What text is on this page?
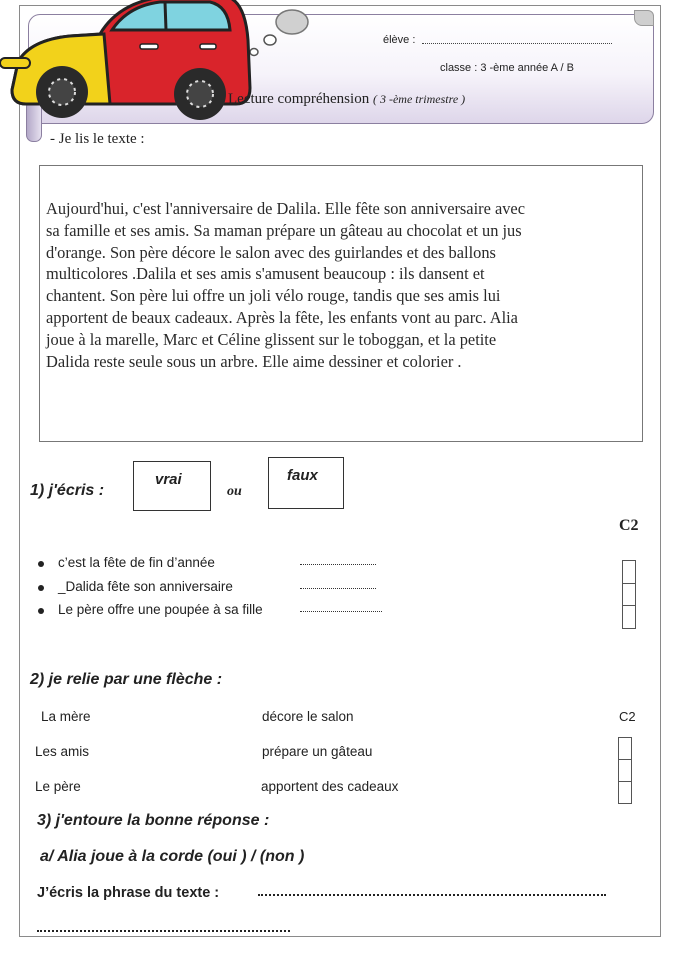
élève :
classe : 3 -ème année A / B
Lecture compréhension ( 3 -ème trimestre )
- Je lis le texte :
Aujourd'hui, c'est l'anniversaire de Dalila. Elle fête son anniversaire avec
sa famille et ses amis. Sa maman prépare un gâteau au chocolat et un jus
d'orange. Son père décore le salon avec des guirlandes et des ballons
multicolores .Dalila et ses amis s'amusent beaucoup : ils dansent et
chantent. Son père lui offre un joli vélo rouge, tandis que ses amis lui
apportent de beaux cadeaux. Après la fête, les enfants vont au parc. Alia
joue à la marelle, Marc et Céline glissent sur le toboggan, et la petite
Dalida reste seule sous un arbre. Elle aime dessiner et colorier .
1) j'écris :
vrai
ou
faux
C2
c’est la fête de fin d’année
_Dalida fête son anniversaire
Le père offre une poupée à sa fille
2) je relie par une flèche :
C2
La mère	décore le salon
Les amis	prépare un gâteau
Le père	apportent des cadeaux
3) j'entoure la bonne réponse :
a/ Alia joue à la corde (oui ) / (non )
J’écris la phrase du texte :
